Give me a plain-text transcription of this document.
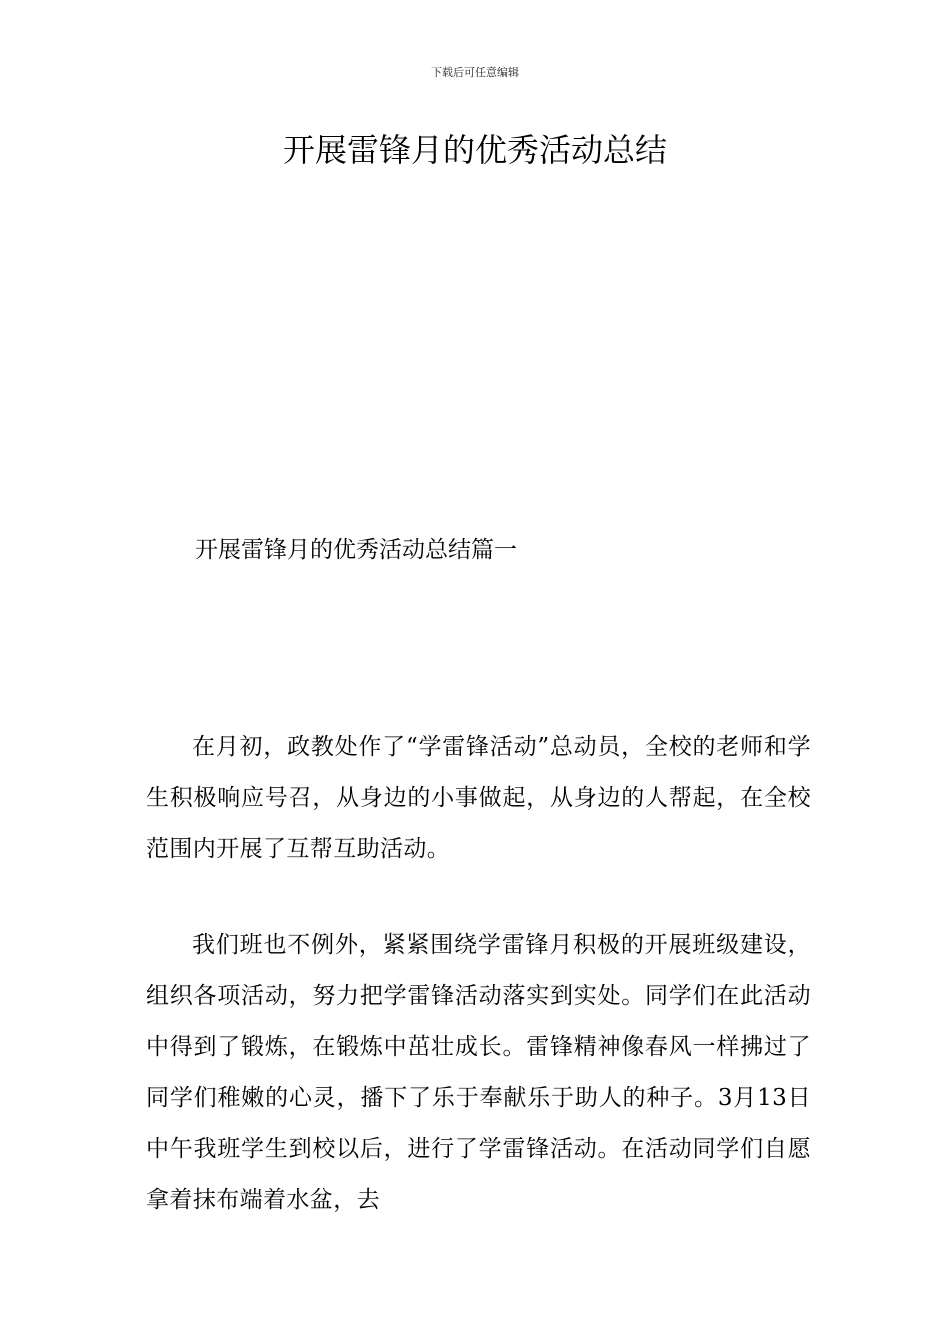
下载后可任意编辑
开展雷锋月的优秀活动总结
开展雷锋月的优秀活动总结篇一

在月初，政教处作了“学雷锋活动”总动员，全校的老师和学生积极响应号召，从身边的小事做起，从身边的人帮起，在全校范围内开展了互帮互助活动。

我们班也不例外，紧紧围绕学雷锋月积极的开展班级建设，组织各项活动，努力把学雷锋活动落实到实处。同学们在此活动中得到了锻炼，在锻炼中茁壮成长。雷锋精神像春风一样拂过了同学们稚嫩的心灵，播下了乐于奉献乐于助人的种子。3月13日中午我班学生到校以后，进行了学雷锋活动。在活动同学们自愿拿着抹布端着水盆，去
